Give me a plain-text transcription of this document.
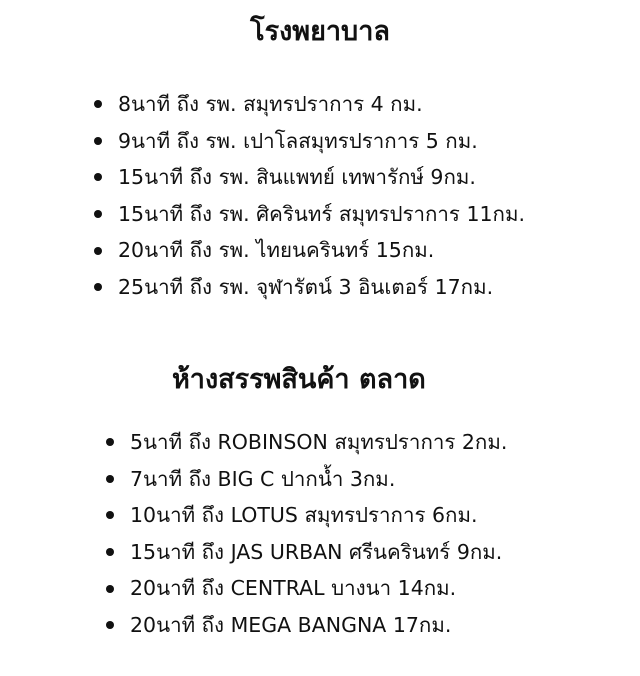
โรงพยาบาล
8นาที ถึง รพ. สมุทรปราการ 4 กม.
9นาที ถึง รพ. เปาโลสมุทรปราการ 5 กม.
15นาที ถึง รพ. สินแพทย์ เทพารักษ์ 9กม.
15นาที ถึง รพ. ศิครินทร์ สมุทรปราการ 11กม.
20นาที ถึง รพ. ไทยนครินทร์ 15กม.
25นาที ถึง รพ. จุฬารัตน์ 3 อินเตอร์ 17กม.
ห้างสรรพสินค้า ตลาด
5นาที ถึง ROBINSON สมุทรปราการ 2กม.
7นาที ถึง BIG C ปากน้ำ 3กม.
10นาที ถึง LOTUS สมุทรปราการ 6กม.
15นาที ถึง JAS URBAN ศรีนครินทร์ 9กม.
20นาที ถึง CENTRAL บางนา 14กม.
20นาที ถึง MEGA BANGNA 17กม.
